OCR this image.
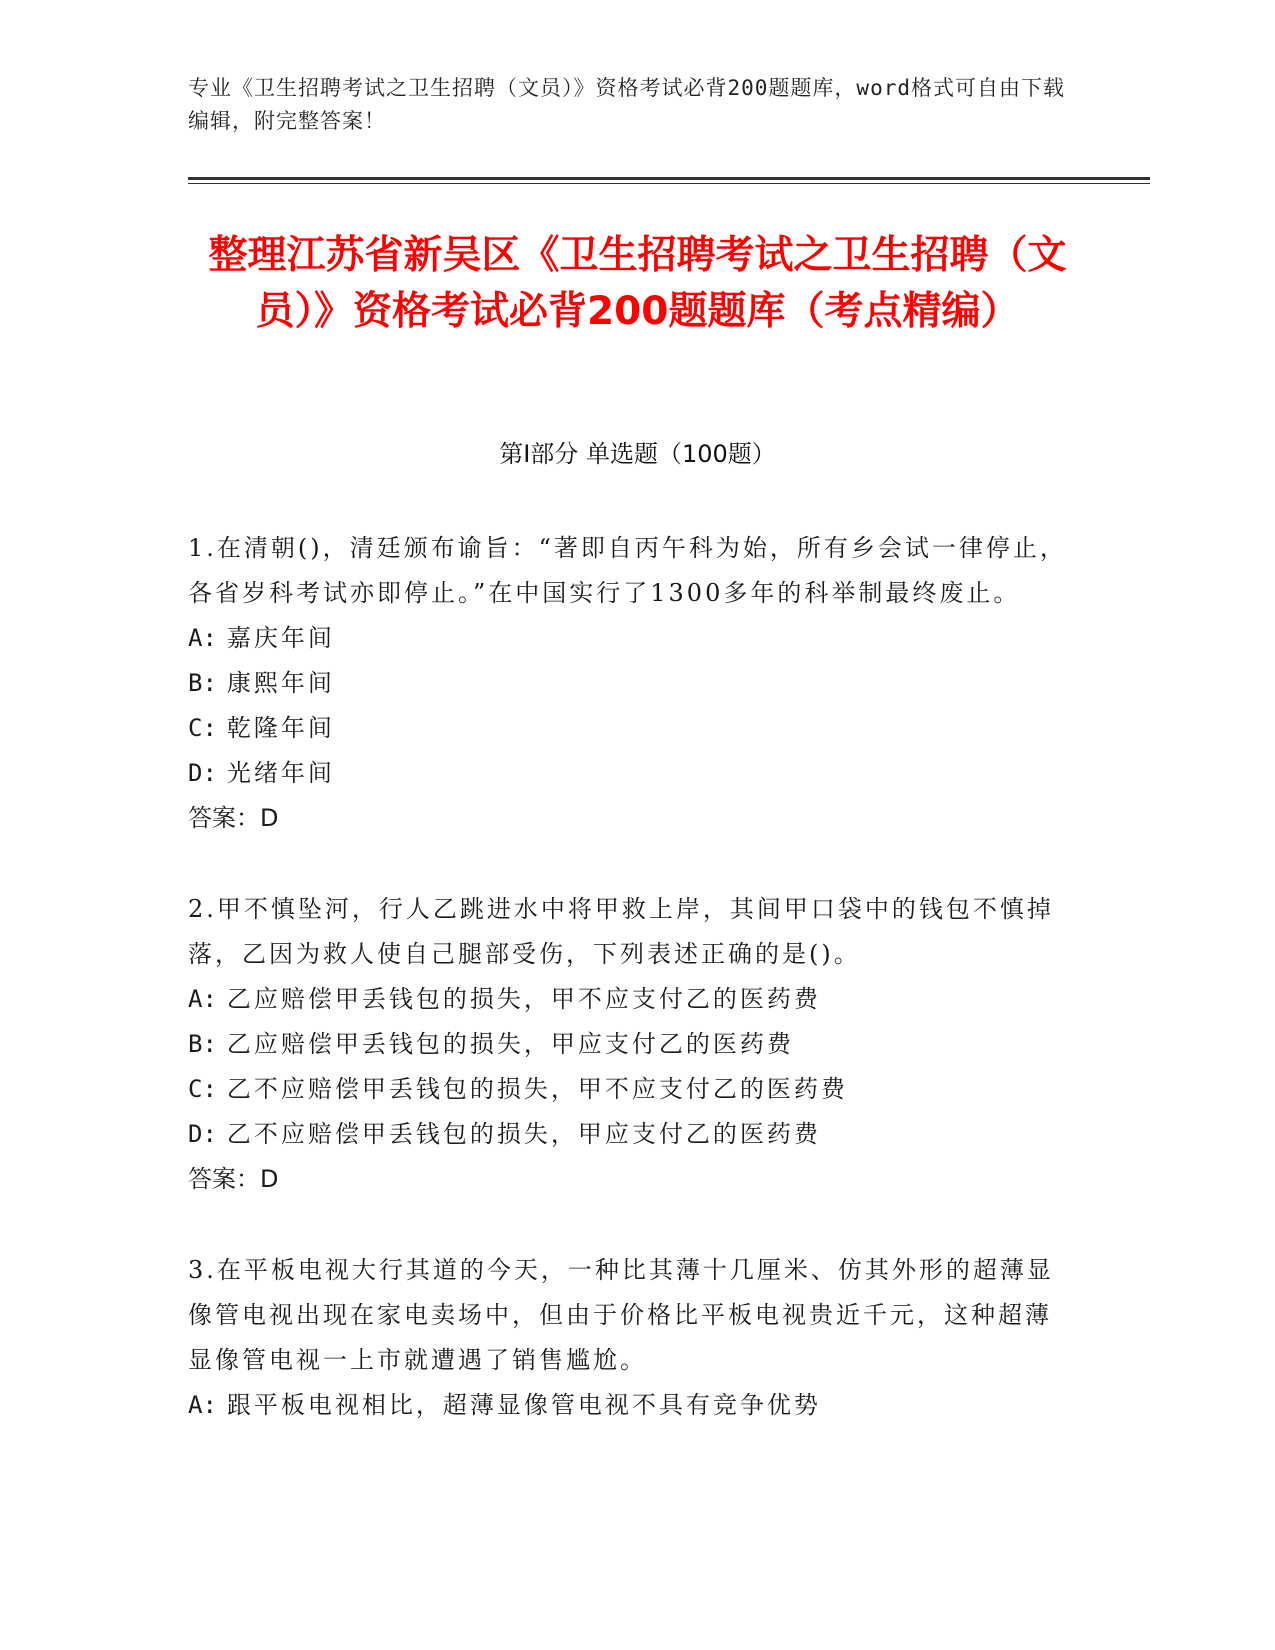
专业《卫生招聘考试之卫生招聘（文员）》资格考试必背200题题库，word格式可自由下载编辑，附完整答案！
整理江苏省新吴区《卫生招聘考试之卫生招聘（文员）》资格考试必背200题题库（考点精编）
第Ⅰ部分 单选题（100题）

1.在清朝()，清廷颁布谕旨：“著即自丙午科为始，所有乡会试一律停止，各省岁科考试亦即停止。”在中国实行了1300多年的科举制最终废止。

A: 嘉庆年间

B: 康熙年间

C: 乾隆年间

D: 光绪年间

答案：D

2.甲不慎坠河，行人乙跳进水中将甲救上岸，其间甲口袋中的钱包不慎掉落，乙因为救人使自己腿部受伤，下列表述正确的是()。

A: 乙应赔偿甲丢钱包的损失，甲不应支付乙的医药费

B: 乙应赔偿甲丢钱包的损失，甲应支付乙的医药费

C: 乙不应赔偿甲丢钱包的损失，甲不应支付乙的医药费

D: 乙不应赔偿甲丢钱包的损失，甲应支付乙的医药费

答案：D

3.在平板电视大行其道的今天，一种比其薄十几厘米、仿其外形的超薄显像管电视出现在家电卖场中，但由于价格比平板电视贵近千元，这种超薄显像管电视一上市就遭遇了销售尴尬。

A: 跟平板电视相比，超薄显像管电视不具有竞争优势
